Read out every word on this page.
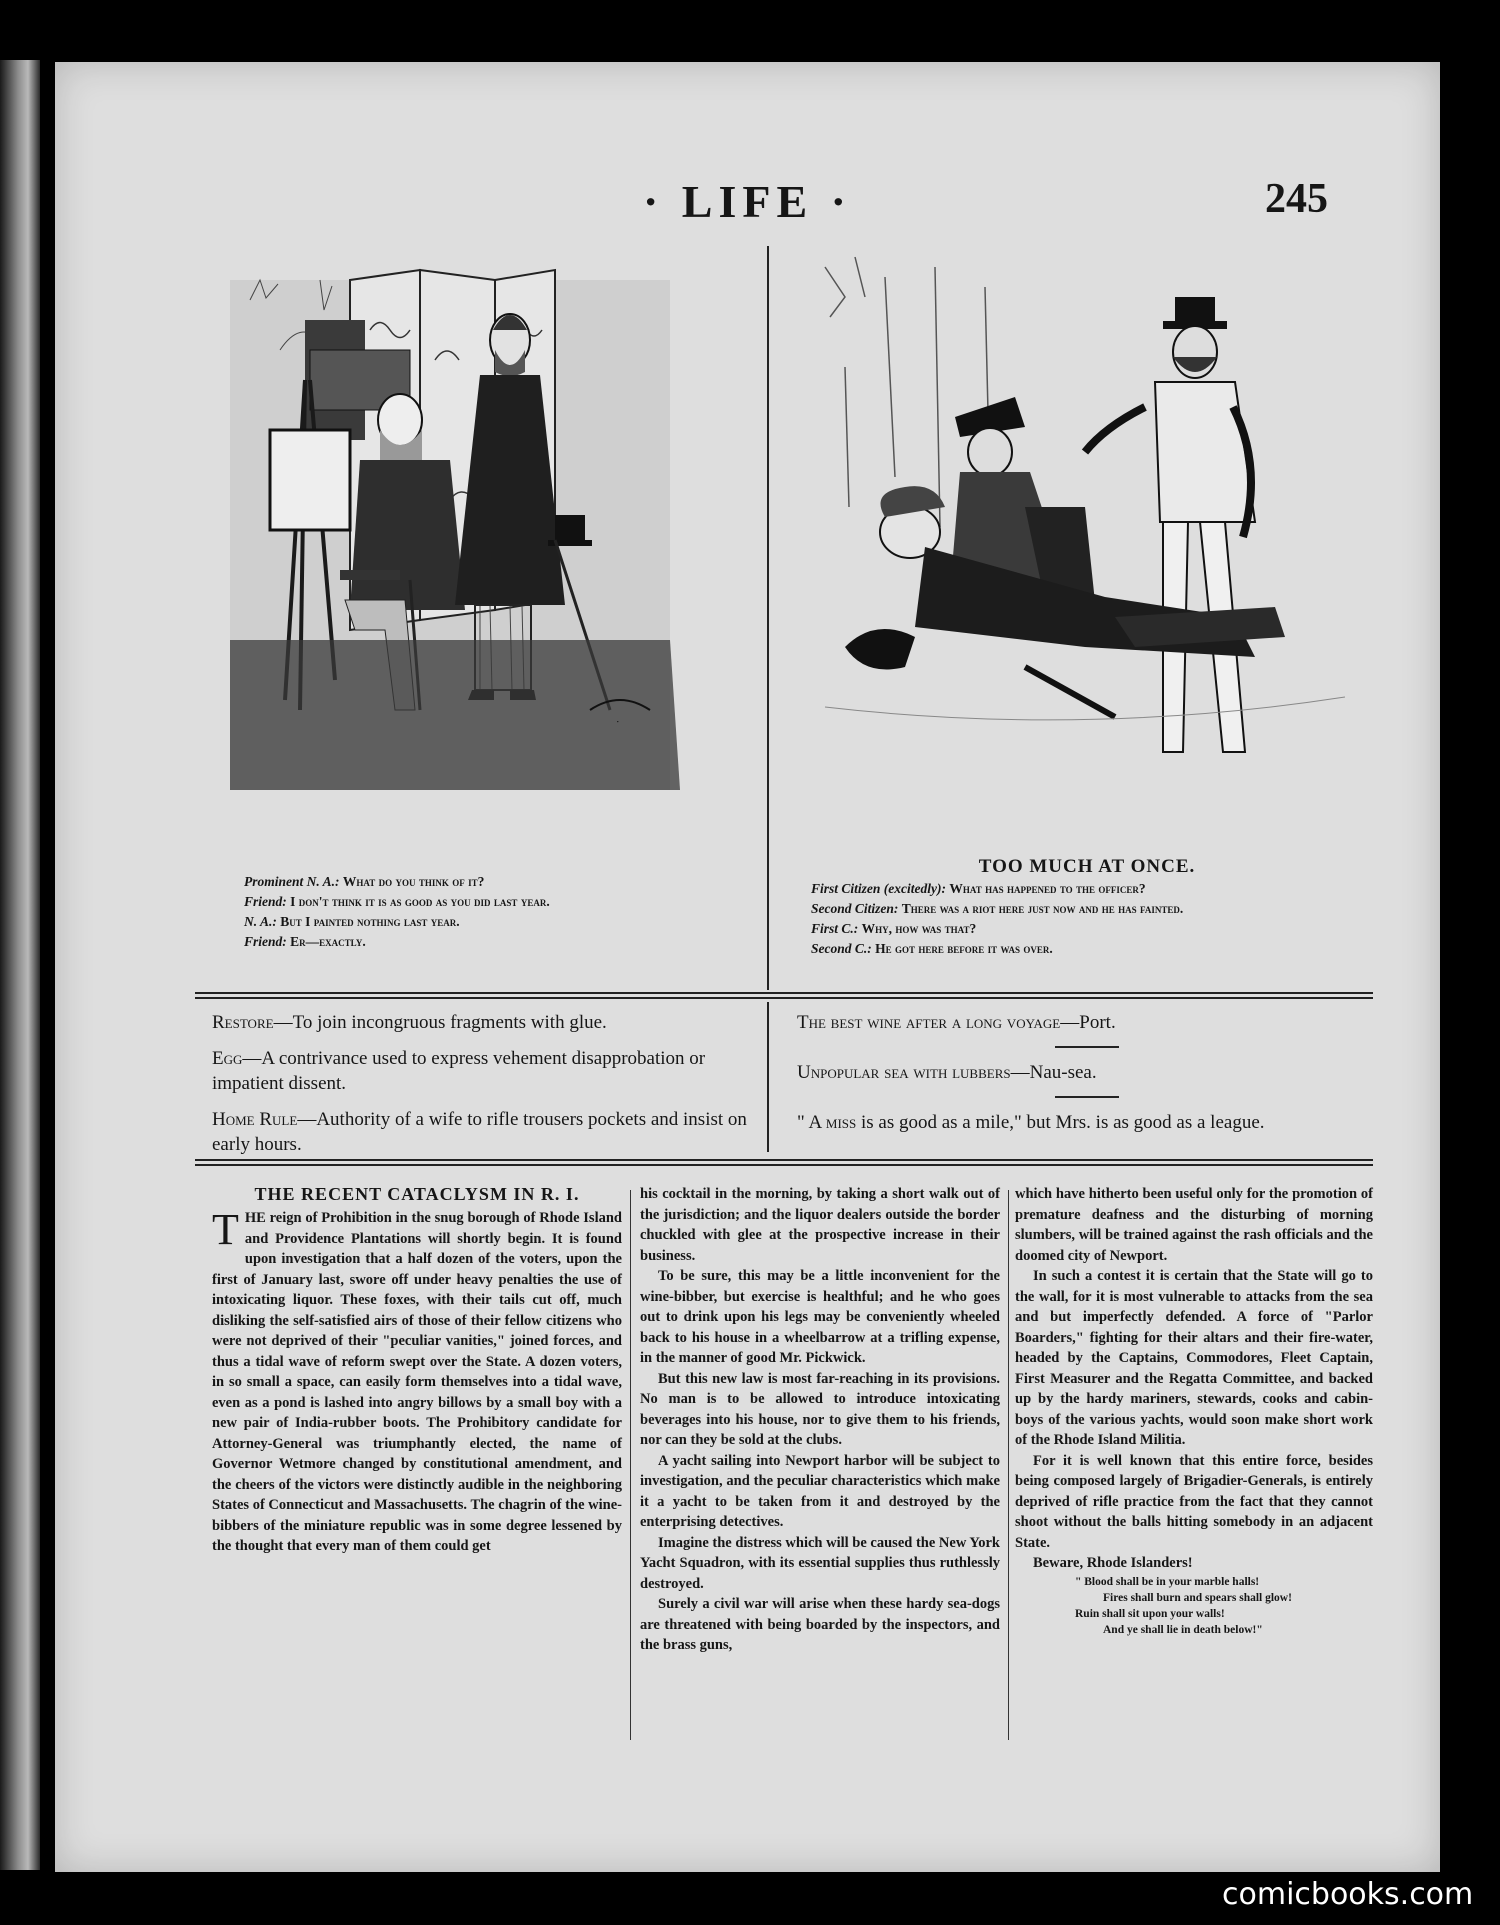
· LIFE ·	245
·
Prominent N. A.: What do you think of it?
Friend: I don't think it is as good as you did last year.
N. A.: But I painted nothing last year.
Friend: Er—exactly.
TOO MUCH AT ONCE.
First Citizen (excitedly): What has happened to the officer?
Second Citizen: There was a riot here just now and he has fainted.
First C.: Why, how was that?
Second C.: He got here before it was over.

Restore—To join incongruous fragments with glue.

Egg—A contrivance used to express vehement disapprobation or impatient dissent.

Home Rule—Authority of a wife to rifle trousers pockets and insist on early hours.

The best wine after a long voyage—Port.

Unpopular sea with lubbers—Nau-sea.

" A miss is as good as a mile," but Mrs. is as good as a league.

THE RECENT CATACLYSM IN R. I.

THE reign of Prohibition in the snug borough of Rhode Island and Providence Plantations will shortly begin. It is found upon investigation that a half dozen of the voters, upon the first of January last, swore off under heavy penalties the use of intoxicating liquor. These foxes, with their tails cut off, much disliking the self-satisfied airs of those of their fellow citizens who were not deprived of their "peculiar vanities," joined forces, and thus a tidal wave of reform swept over the State. A dozen voters, in so small a space, can easily form themselves into a tidal wave, even as a pond is lashed into angry billows by a small boy with a new pair of India-rubber boots. The Prohibitory candidate for Attorney-General was triumphantly elected, the name of Governor Wetmore changed by constitutional amendment, and the cheers of the victors were distinctly audible in the neighboring States of Connecticut and Massachusetts. The chagrin of the wine-bibbers of the miniature republic was in some degree lessened by the thought that every man of them could get

his cocktail in the morning, by taking a short walk out of the jurisdiction; and the liquor dealers outside the border chuckled with glee at the prospective increase in their business.

To be sure, this may be a little inconvenient for the wine-bibber, but exercise is healthful; and he who goes out to drink upon his legs may be conveniently wheeled back to his house in a wheelbarrow at a trifling expense, in the manner of good Mr. Pickwick.

But this new law is most far-reaching in its provisions. No man is to be allowed to introduce intoxicating beverages into his house, nor to give them to his friends, nor can they be sold at the clubs.

A yacht sailing into Newport harbor will be subject to investigation, and the peculiar characteristics which make it a yacht to be taken from it and destroyed by the enterprising detectives.

Imagine the distress which will be caused the New York Yacht Squadron, with its essential supplies thus ruthlessly destroyed.

Surely a civil war will arise when these hardy sea-dogs are threatened with being boarded by the inspectors, and the brass guns,

which have hitherto been useful only for the promotion of premature deafness and the disturbing of morning slumbers, will be trained against the rash officials and the doomed city of Newport.

In such a contest it is certain that the State will go to the wall, for it is most vulnerable to attacks from the sea and but imperfectly defended. A force of "Parlor Boarders," fighting for their altars and their fire-water, headed by the Captains, Commodores, Fleet Captain, First Measurer and the Regatta Committee, and backed up by the hardy mariners, stewards, cooks and cabin-boys of the various yachts, would soon make short work of the Rhode Island Militia.

For it is well known that this entire force, besides being composed largely of Brigadier-Generals, is entirely deprived of rifle practice from the fact that they cannot shoot without the balls hitting somebody in an adjacent State.

Beware, Rhode Islanders!

" Blood shall be in your marble halls!
Fires shall burn and spears shall glow!
Ruin shall sit upon your walls!
And ye shall lie in death below!"
comicbooks.com
